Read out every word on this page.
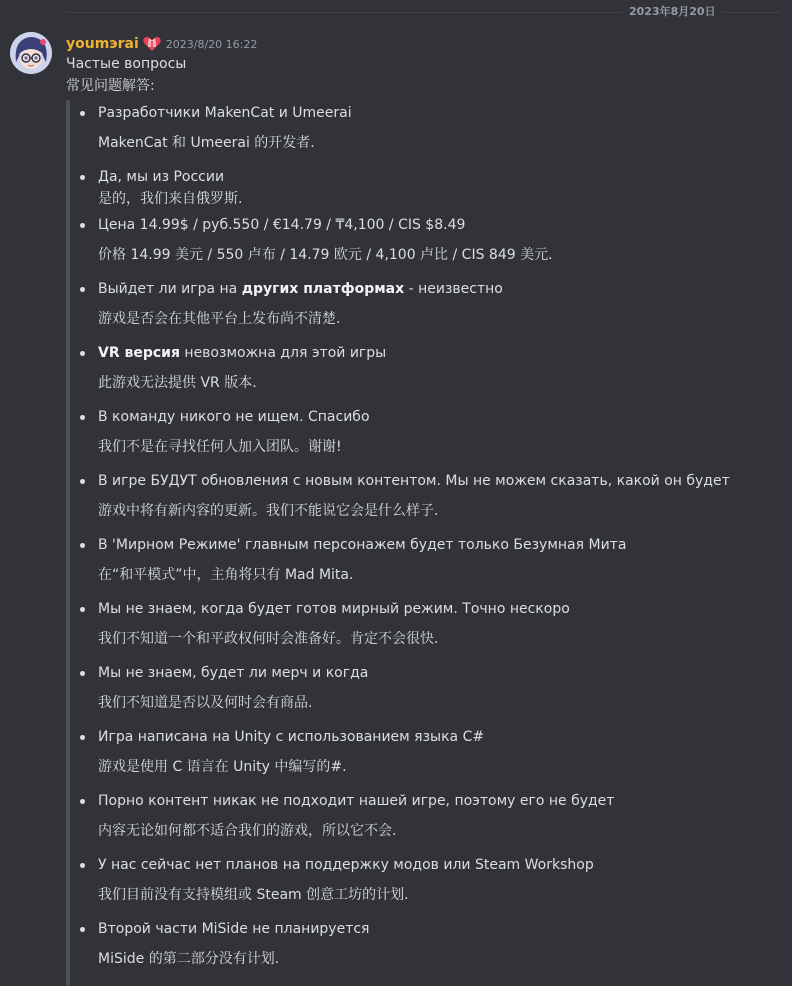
2023年8月20日
youmэrai 2023/8/20 16:22
Частые вопросы
常见问题解答:
Разработчики MakenCat и Umeerai
MakenCat 和 Umeerai 的开发者.
Да, мы из России
是的，我们来自俄罗斯.
Цена 14.99$ / руб.550 / €14.79 / ₸4,100 / CIS $8.49
价格 14.99 美元 / 550 卢布 / 14.79 欧元 / 4,100 卢比 / CIS 849 美元.
Выйдет ли игра на других платформах - неизвестно
游戏是否会在其他平台上发布尚不清楚.
VR версия невозможна для этой игры
此游戏无法提供 VR 版本.
В команду никого не ищем. Спасибо
我们不是在寻找任何人加入团队。谢谢!
В игре БУДУТ обновления с новым контентом. Мы не можем сказать, какой он будет
游戏中将有新内容的更新。我们不能说它会是什么样子.
В 'Мирном Режиме' главным персонажем будет только Безумная Мита
在“和平模式”中，主角将只有 Mad Mita.
Мы не знаем, когда будет готов мирный режим. Точно нескоро
我们不知道一个和平政权何时会准备好。肯定不会很快.
Мы не знаем, будет ли мерч и когда
我们不知道是否以及何时会有商品.
Игра написана на Unity с использованием языка C#
游戏是使用 C 语言在 Unity 中编写的#.
Порно контент никак не подходит нашей игре, поэтому его не будет
内容无论如何都不适合我们的游戏，所以它不会.
У нас сейчас нет планов на поддержку модов или Steam Workshop
我们目前没有支持模组或 Steam 创意工坊的计划.
Второй части MiSide не планируется
MiSide 的第二部分没有计划.
